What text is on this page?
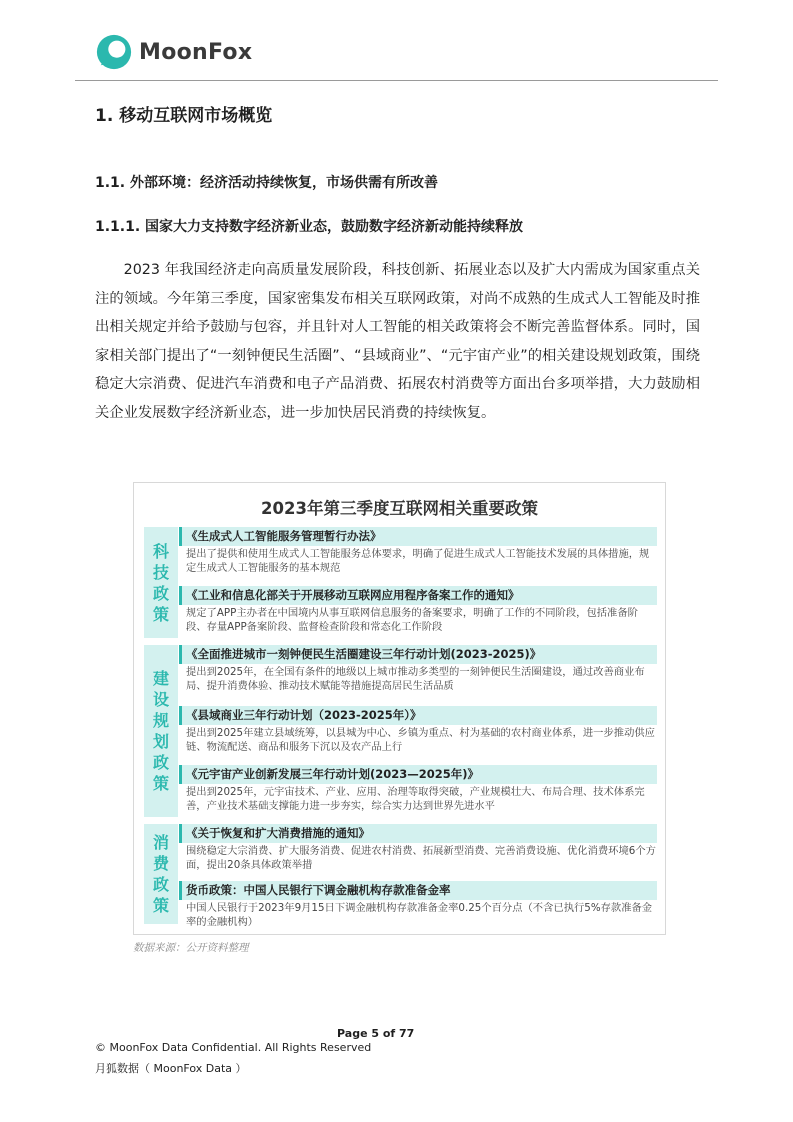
MoonFox
1. 移动互联网市场概览
1.1. 外部环境：经济活动持续恢复，市场供需有所改善
1.1.1. 国家大力支持数字经济新业态，鼓励数字经济新动能持续释放

2023 年我国经济走向高质量发展阶段，科技创新、拓展业态以及扩大内需成为国家重点关注的领域。今年第三季度，国家密集发布相关互联网政策，对尚不成熟的生成式人工智能及时推出相关规定并给予鼓励与包容，并且针对人工智能的相关政策将会不断完善监督体系。同时，国家相关部门提出了“一刻钟便民生活圈”、“县域商业”、“元宇宙产业”的相关建设规划政策，围绕稳定大宗消费、促进汽车消费和电子产品消费、拓展农村消费等方面出台多项举措，大力鼓励相关企业发展数字经济新业态，进一步加快居民消费的持续恢复。

2023年第三季度互联网相关重要政策
科
技
政
策
建
设
规
划
政
策
消
费
政
策
《生成式人工智能服务管理暂行办法》
提出了提供和使用生成式人工智能服务总体要求，明确了促进生成式人工智能技术发展的具体措施，规定生成式人工智能服务的基本规范
《工业和信息化部关于开展移动互联网应用程序备案工作的通知》
规定了APP主办者在中国境内从事互联网信息服务的备案要求，明确了工作的不同阶段，包括准备阶段、存量APP备案阶段、监督检查阶段和常态化工作阶段
《全面推进城市一刻钟便民生活圈建设三年行动计划(2023-2025)》
提出到2025年，在全国有条件的地级以上城市推动多类型的一刻钟便民生活圈建设，通过改善商业布局、提升消费体验、推动技术赋能等措施提高居民生活品质
《县域商业三年行动计划（2023-2025年）》
提出到2025年建立县域统筹，以县城为中心、乡镇为重点、村为基础的农村商业体系，进一步推动供应链、物流配送、商品和服务下沉以及农产品上行
《元宇宙产业创新发展三年行动计划(2023—2025年)》
提出到2025年，元宇宙技术、产业、应用、治理等取得突破，产业规模壮大、布局合理、技术体系完善，产业技术基础支撑能力进一步夯实，综合实力达到世界先进水平
《关于恢复和扩大消费措施的通知》
围绕稳定大宗消费、扩大服务消费、促进农村消费、拓展新型消费、完善消费设施、优化消费环境6个方面，提出20条具体政策举措
货币政策：中国人民银行下调金融机构存款准备金率
中国人民银行于2023年9月15日下调金融机构存款准备金率0.25个百分点（不含已执行5%存款准备金率的金融机构）
数据来源：公开资料整理
Page 5 of 77
© MoonFox Data Confidential. All Rights Reserved
月狐数据（ MoonFox Data ）
